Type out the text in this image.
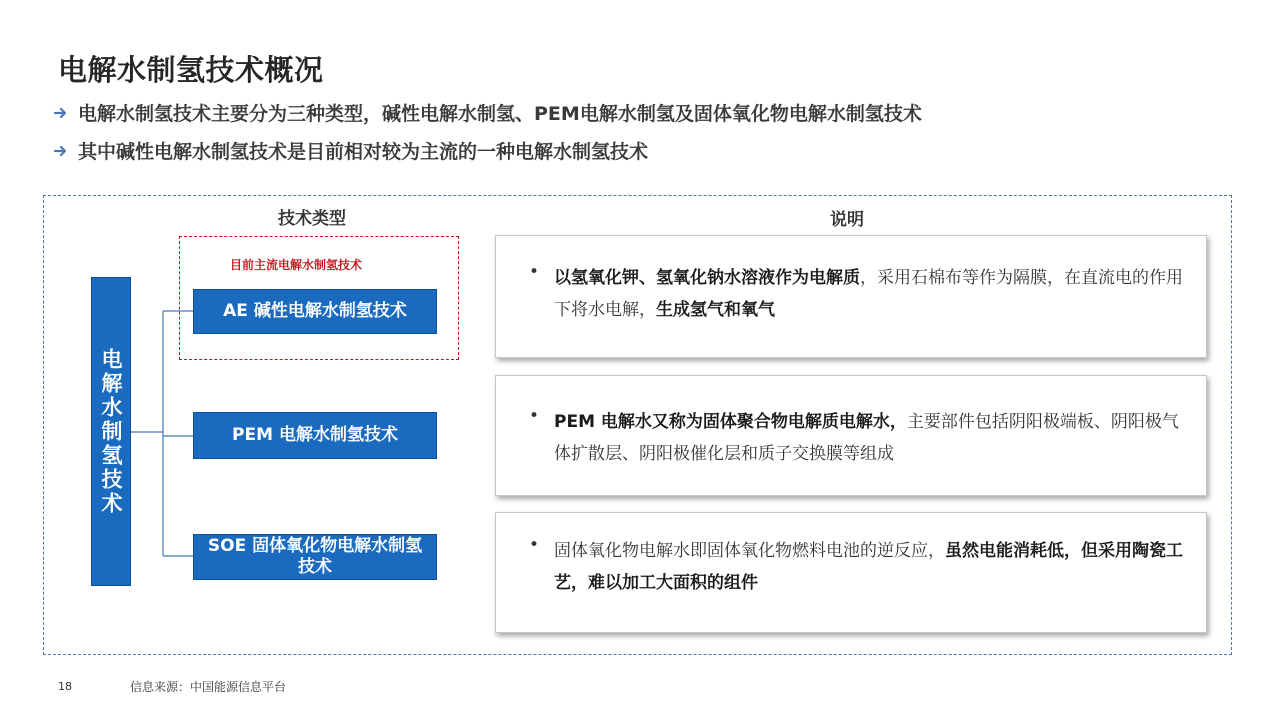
电解水制氢技术概况
电解水制氢技术主要分为三种类型，碱性电解水制氢、PEM电解水制氢及固体氧化物电解水制氢技术
其中碱性电解水制氢技术是目前相对较为主流的一种电解水制氢技术
技术类型	说明
目前主流电解水制氢技术
电解水制氢技术
AE 碱性电解水制氢技术
PEM 电解水制氢技术
SOE 固体氧化物电解水制氢技术
• 以氢氧化钾、氢氧化钠水溶液作为电解质，采用石棉布等作为隔膜，在直流电的作用下将水电解，生成氢气和氧气
• PEM 电解水又称为固体聚合物电解质电解水，主要部件包括阴阳极端板、阴阳极气体扩散层、阴阳极催化层和质子交换膜等组成
• 固体氧化物电解水即固体氧化物燃料电池的逆反应，虽然电能消耗低，但采用陶瓷工艺，难以加工大面积的组件
18	信息来源：中国能源信息平台
